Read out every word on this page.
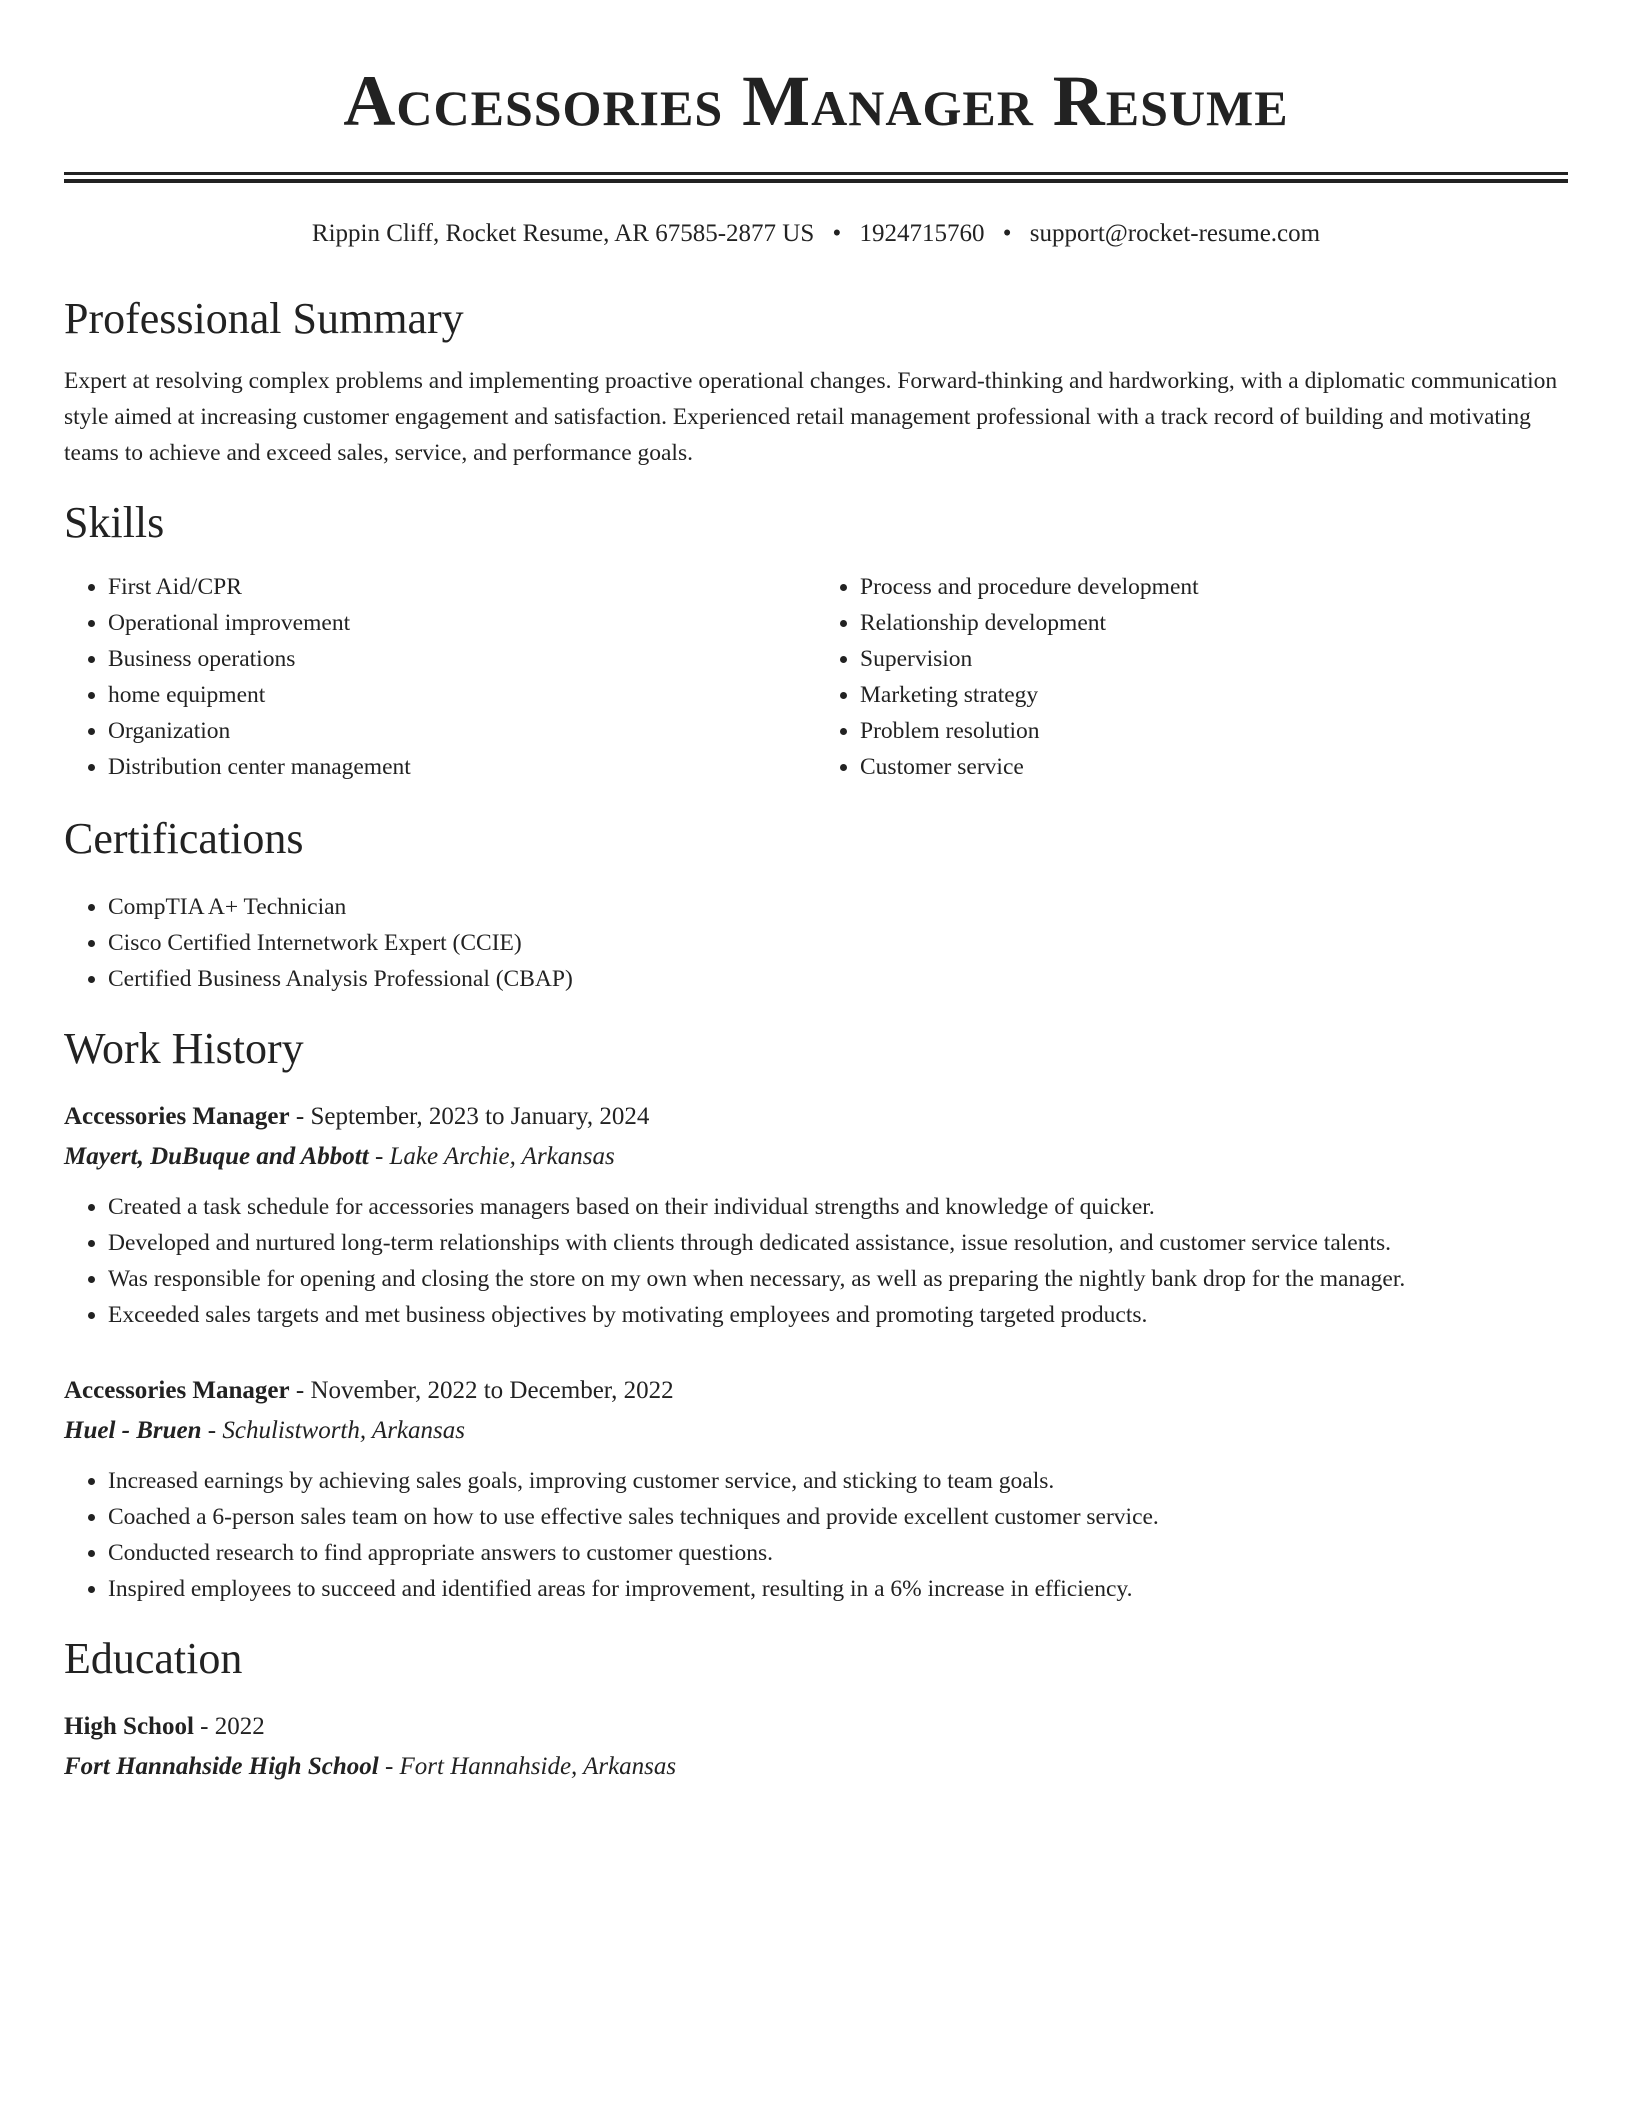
Accessories Manager Resume
Rippin Cliff, Rocket Resume, AR 67585-2877 US • 1924715760 • support@rocket-resume.com
Professional Summary

Expert at resolving complex problems and implementing proactive operational changes. Forward-thinking and hardworking, with a diplomatic communication style aimed at increasing customer engagement and satisfaction. Experienced retail management professional with a track record of building and motivating teams to achieve and exceed sales, service, and performance goals.

Skills
• First Aid/CPR
• Operational improvement
• Business operations
• home equipment
• Organization
• Distribution center management
• Process and procedure development
• Relationship development
• Supervision
• Marketing strategy
• Problem resolution
• Customer service
Certifications
• CompTIA A+ Technician
• Cisco Certified Internetwork Expert (CCIE)
• Certified Business Analysis Professional (CBAP)
Work History
Accessories Manager - September, 2023 to January, 2024
Mayert, DuBuque and Abbott - Lake Archie, Arkansas
• Created a task schedule for accessories managers based on their individual strengths and knowledge of quicker.
• Developed and nurtured long-term relationships with clients through dedicated assistance, issue resolution, and customer service talents.
• Was responsible for opening and closing the store on my own when necessary, as well as preparing the nightly bank drop for the manager.
• Exceeded sales targets and met business objectives by motivating employees and promoting targeted products.
Accessories Manager - November, 2022 to December, 2022
Huel - Bruen - Schulistworth, Arkansas
• Increased earnings by achieving sales goals, improving customer service, and sticking to team goals.
• Coached a 6-person sales team on how to use effective sales techniques and provide excellent customer service.
• Conducted research to find appropriate answers to customer questions.
• Inspired employees to succeed and identified areas for improvement, resulting in a 6% increase in efficiency.
Education
High School - 2022
Fort Hannahside High School - Fort Hannahside, Arkansas
